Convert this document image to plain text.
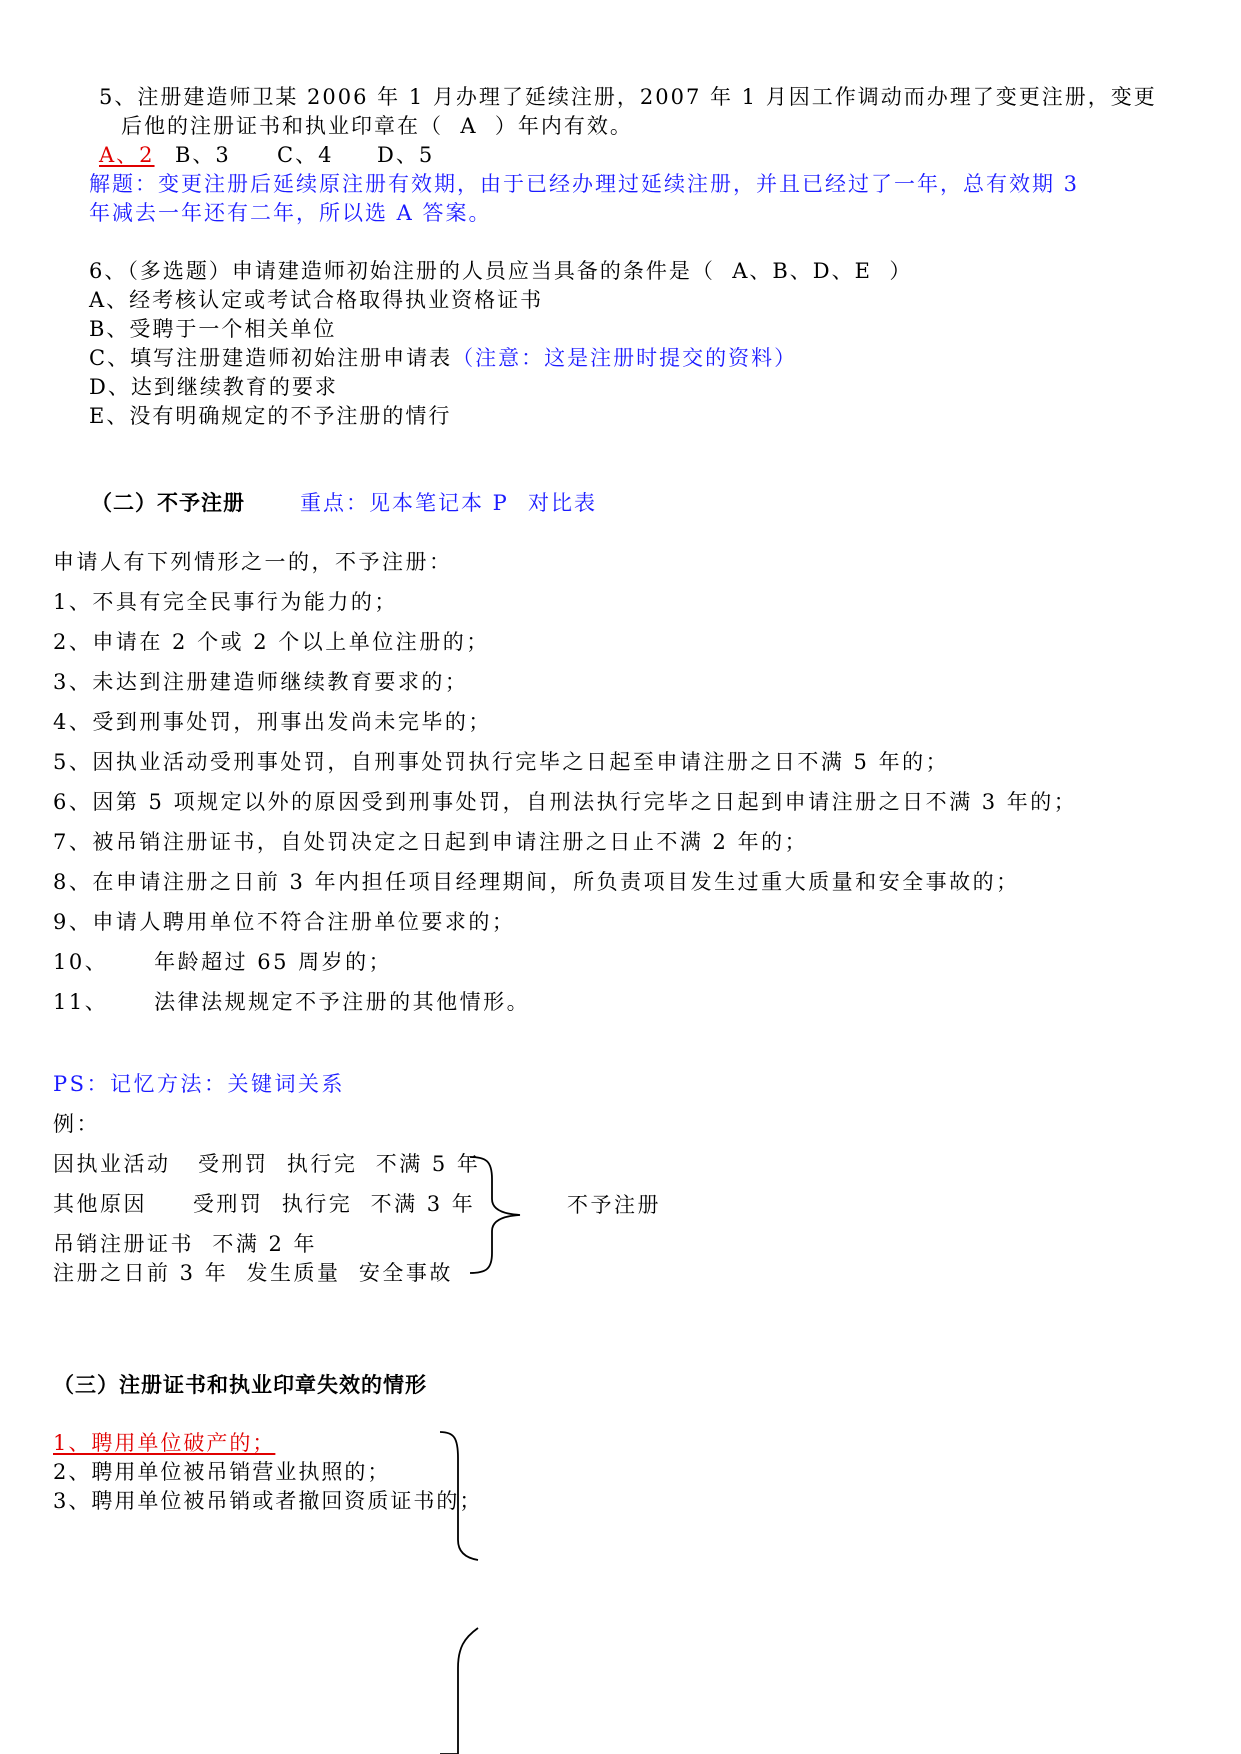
5、注册建造师卫某 2006 年 1 月办理了延续注册，2007 年 1 月因工作调动而办理了变更注册，变更
后他的注册证书和执业印章在（  A  ）年内有效。
A、2 B、3 C、4 D、5
解题：变更注册后延续原注册有效期，由于已经办理过延续注册，并且已经过了一年，总有效期 3
年减去一年还有二年，所以选 A 答案。
6、（多选题）申请建造师初始注册的人员应当具备的条件是（  A、B、D、E  ）
A、经考核认定或考试合格取得执业资格证书
B、受聘于一个相关单位
C、填写注册建造师初始注册申请表（注意：这是注册时提交的资料）
D、达到继续教育的要求
E、没有明确规定的不予注册的情行
（二）不予注册	重点：见本笔记本 P 对比表
申请人有下列情形之一的，不予注册：
1、不具有完全民事行为能力的；
2、申请在 2 个或 2 个以上单位注册的；
3、未达到注册建造师继续教育要求的；
4、受到刑事处罚，刑事出发尚未完毕的；
5、因执业活动受刑事处罚，自刑事处罚执行完毕之日起至申请注册之日不满 5 年的；
6、因第 5 项规定以外的原因受到刑事处罚，自刑法执行完毕之日起到申请注册之日不满 3 年的；
7、被吊销注册证书，自处罚决定之日起到申请注册之日止不满 2 年的；
8、在申请注册之日前 3 年内担任项目经理期间，所负责项目发生过重大质量和安全事故的；
9、申请人聘用单位不符合注册单位要求的；
10、     年龄超过 65 周岁的；
11、     法律法规规定不予注册的其他情形。
PS：记忆方法：关键词关系
例：
因执业活动   受刑罚  执行完  不满 5 年
其他原因     受刑罚  执行完  不满 3 年
吊销注册证书  不满 2 年
注册之日前 3 年  发生质量  安全事故
不予注册
（三）注册证书和执业印章失效的情形
1、聘用单位破产的；
2、聘用单位被吊销营业执照的；
3、聘用单位被吊销或者撤回资质证书的；
